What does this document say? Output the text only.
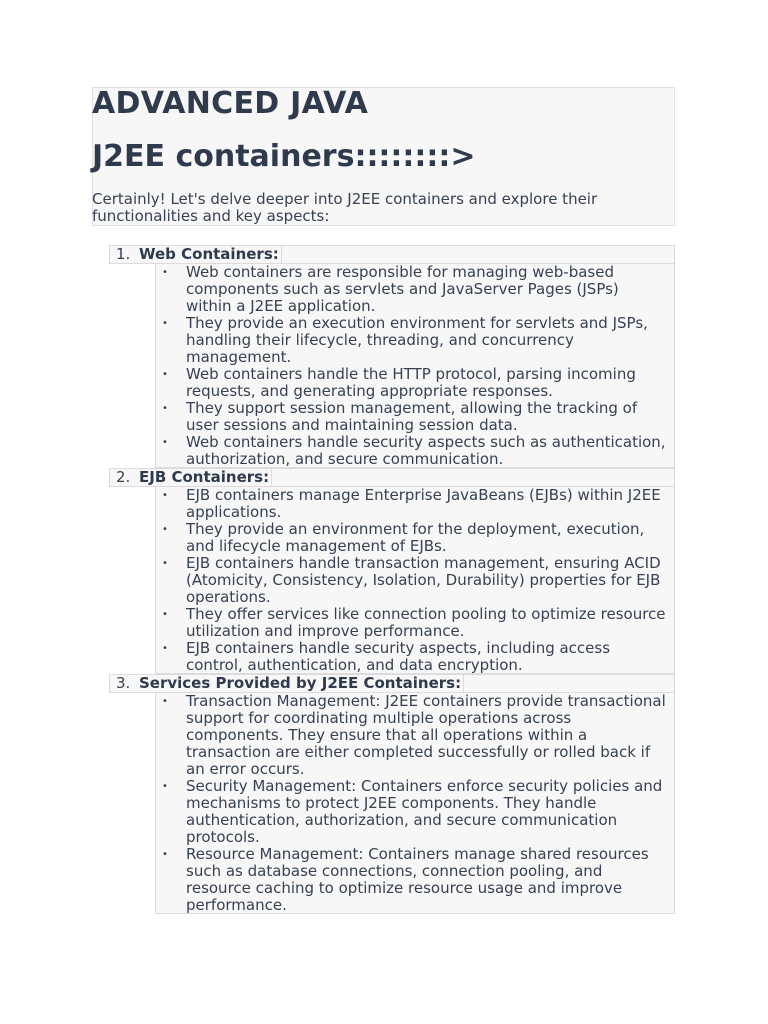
ADVANCED JAVA
J2EE containers::::::::>

Certainly! Let's delve deeper into J2EE containers and explore their functionalities and key aspects:

1. Web Containers:
• Web containers are responsible for managing web-based components such as servlets and JavaServer Pages (JSPs) within a J2EE application.
• They provide an execution environment for servlets and JSPs, handling their lifecycle, threading, and concurrency management.
• Web containers handle the HTTP protocol, parsing incoming requests, and generating appropriate responses.
• They support session management, allowing the tracking of user sessions and maintaining session data.
• Web containers handle security aspects such as authentication, authorization, and secure communication.
2. EJB Containers:
• EJB containers manage Enterprise JavaBeans (EJBs) within J2EE applications.
• They provide an environment for the deployment, execution, and lifecycle management of EJBs.
• EJB containers handle transaction management, ensuring ACID (Atomicity, Consistency, Isolation, Durability) properties for EJB operations.
• They offer services like connection pooling to optimize resource utilization and improve performance.
• EJB containers handle security aspects, including access control, authentication, and data encryption.
3. Services Provided by J2EE Containers:
• Transaction Management: J2EE containers provide transactional support for coordinating multiple operations across components. They ensure that all operations within a transaction are either completed successfully or rolled back if an error occurs.
• Security Management: Containers enforce security policies and mechanisms to protect J2EE components. They handle authentication, authorization, and secure communication protocols.
• Resource Management: Containers manage shared resources such as database connections, connection pooling, and resource caching to optimize resource usage and improve performance.
